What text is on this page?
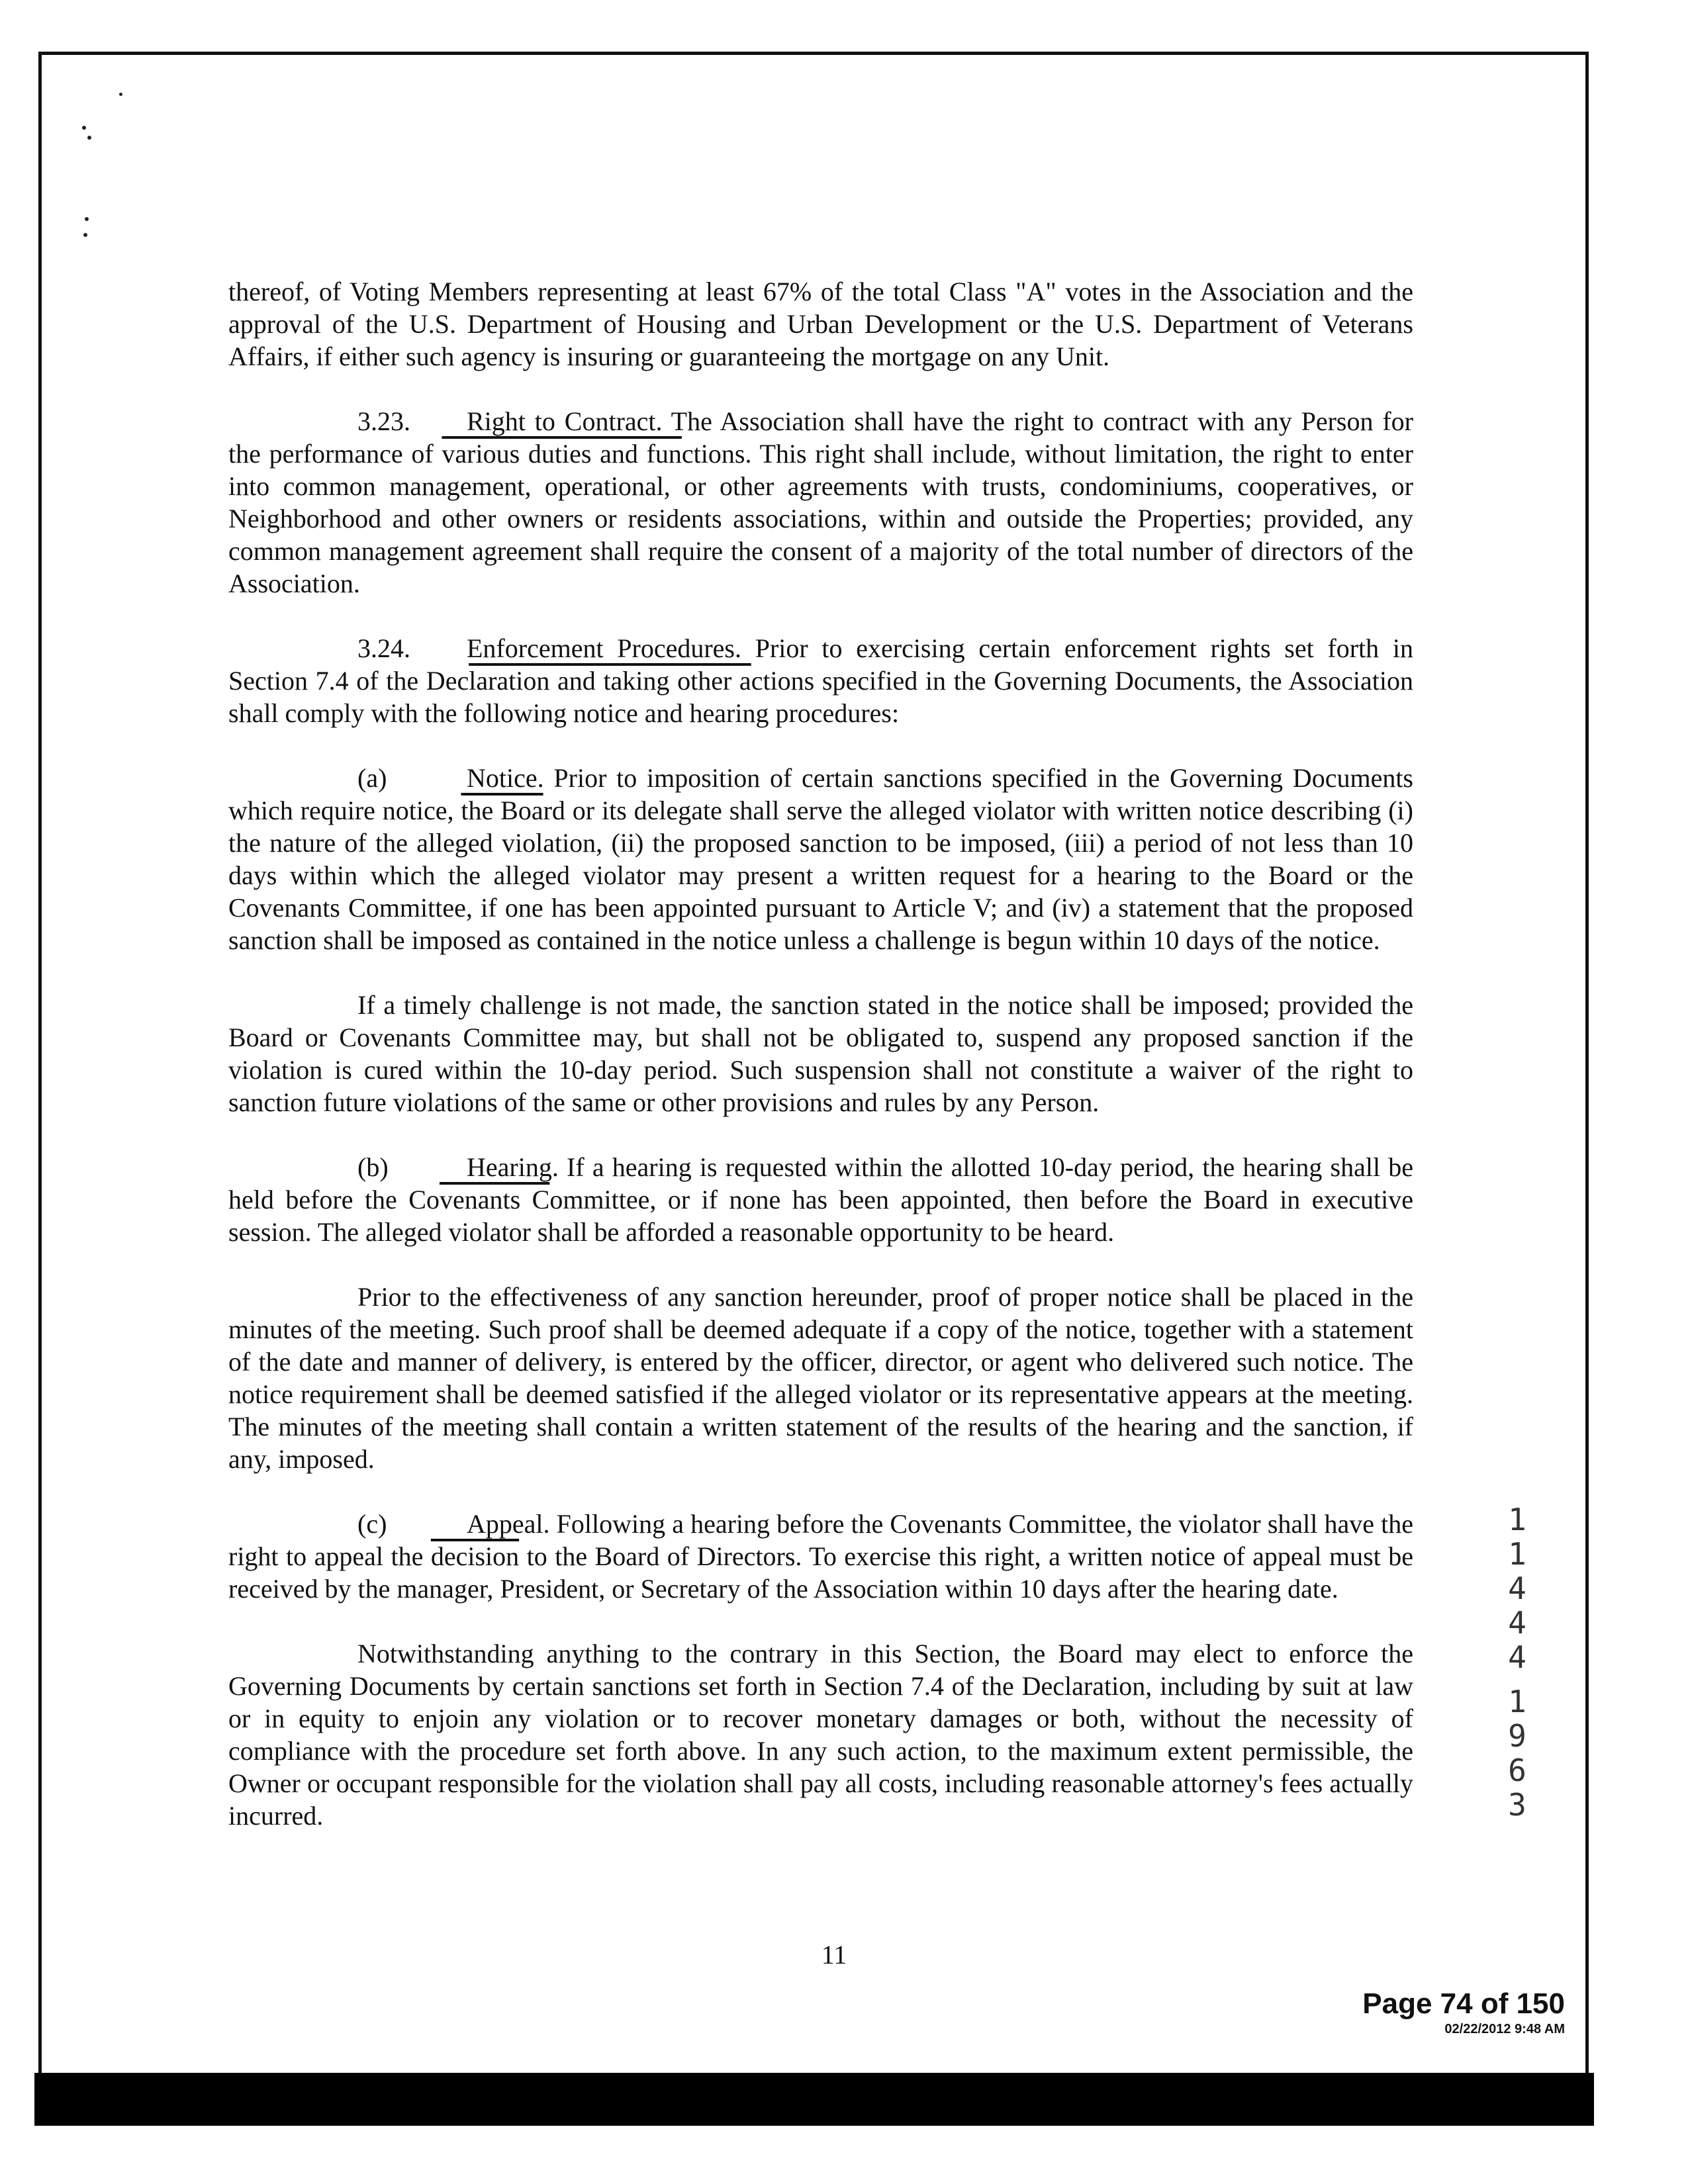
thereof, of Voting Members representing at least 67% of the total Class "A" votes in the Association and the approval of the U.S. Department of Housing and Urban Development or the U.S. Department of Veterans Affairs, if either such agency is insuring or guaranteeing the mortgage on any Unit.

3.23. Right to Contract. The Association shall have the right to contract with any Person for the performance of various duties and functions. This right shall include, without limitation, the right to enter into common management, operational, or other agreements with trusts, condominiums, cooperatives, or Neighborhood and other owners or residents associations, within and outside the Properties; provided, any common management agreement shall require the consent of a majority of the total number of directors of the Association.

3.24. Enforcement Procedures. Prior to exercising certain enforcement rights set forth in Section 7.4 of the Declaration and taking other actions specified in the Governing Documents, the Association shall comply with the following notice and hearing procedures:

(a)	Notice. Prior to imposition of certain sanctions specified in the Governing Documents which require notice, the Board or its delegate shall serve the alleged violator with written notice describing (i) the nature of the alleged violation, (ii) the proposed sanction to be imposed, (iii) a period of not less than 10 days within which the alleged violator may present a written request for a hearing to the Board or the Covenants Committee, if one has been appointed pursuant to Article V; and (iv) a statement that the proposed sanction shall be imposed as contained in the notice unless a challenge is begun within 10 days of the notice.

If a timely challenge is not made, the sanction stated in the notice shall be imposed; provided the Board or Covenants Committee may, but shall not be obligated to, suspend any proposed sanction if the violation is cured within the 10-day period. Such suspension shall not constitute a waiver of the right to sanction future violations of the same or other provisions and rules by any Person.

(b)	Hearing. If a hearing is requested within the allotted 10-day period, the hearing shall be held before the Covenants Committee, or if none has been appointed, then before the Board in executive session. The alleged violator shall be afforded a reasonable opportunity to be heard.

Prior to the effectiveness of any sanction hereunder, proof of proper notice shall be placed in the minutes of the meeting. Such proof shall be deemed adequate if a copy of the notice, together with a statement of the date and manner of delivery, is entered by the officer, director, or agent who delivered such notice. The notice requirement shall be deemed satisfied if the alleged violator or its representative appears at the meeting. The minutes of the meeting shall contain a written statement of the results of the hearing and the sanction, if any, imposed.

(c)	Appeal. Following a hearing before the Covenants Committee, the violator shall have the right to appeal the decision to the Board of Directors. To exercise this right, a written notice of appeal must be received by the manager, President, or Secretary of the Association within 10 days after the hearing date.

Notwithstanding anything to the contrary in this Section, the Board may elect to enforce the Governing Documents by certain sanctions set forth in Section 7.4 of the Declaration, including by suit at law or in equity to enjoin any violation or to recover monetary damages or both, without the necessity of compliance with the procedure set forth above. In any such action, to the maximum extent permissible, the Owner or occupant responsible for the violation shall pay all costs, including reasonable attorney's fees actually incurred.

11
1
1
4
4
4
1
9
6
3
Page 74 of 150
02/22/2012 9:48 AM
